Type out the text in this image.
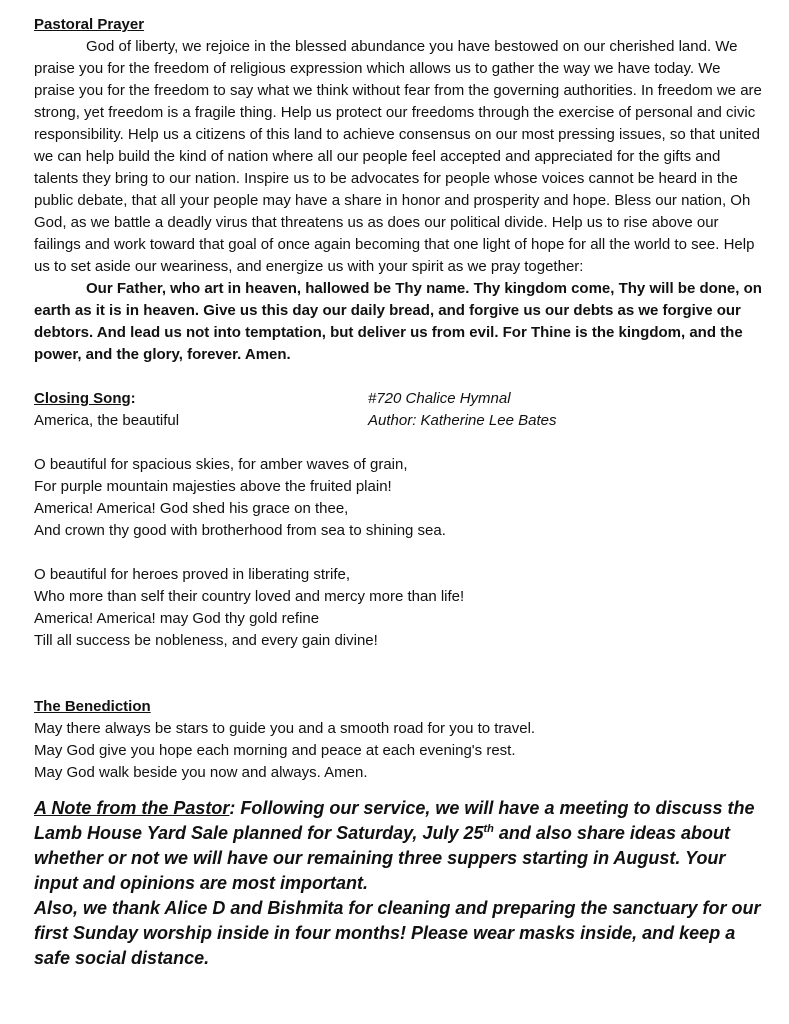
Pastoral Prayer

God of liberty, we rejoice in the blessed abundance you have bestowed on our cherished land. We praise you for the freedom of religious expression which allows us to gather the way we have today. We praise you for the freedom to say what we think without fear from the governing authorities. In freedom we are strong, yet freedom is a fragile thing. Help us protect our freedoms through the exercise of personal and civic responsibility. Help us a citizens of this land to achieve consensus on our most pressing issues, so that united we can help build the kind of nation where all our people feel accepted and appreciated for the gifts and talents they bring to our nation. Inspire us to be advocates for people whose voices cannot be heard in the public debate, that all your people may have a share in honor and prosperity and hope. Bless our nation, Oh God, as we battle a deadly virus that threatens us as does our political divide. Help us to rise above our failings and work toward that goal of once again becoming that one light of hope for all the world to see. Help us to set aside our weariness, and energize us with your spirit as we pray together:

Our Father, who art in heaven, hallowed be Thy name. Thy kingdom come, Thy will be done, on earth as it is in heaven. Give us this day our daily bread, and forgive us our debts as we forgive our debtors. And lead us not into temptation, but deliver us from evil. For Thine is the kingdom, and the power, and the glory, forever. Amen.

Closing Song:	#720 Chalice Hymnal
America, the beautiful	Author: Katherine Lee Bates
O beautiful for spacious skies, for amber waves of grain,
For purple mountain majesties above the fruited plain!
America! America! God shed his grace on thee,
And crown thy good with brotherhood from sea to shining sea.
O beautiful for heroes proved in liberating strife,
Who more than self their country loved and mercy more than life!
America! America! may God thy gold refine
Till all success be nobleness, and every gain divine!

The Benediction

May there always be stars to guide you and a smooth road for you to travel.
May God give you hope each morning and peace at each evening's rest.
May God walk beside you now and always. Amen.

A Note from the Pastor: Following our service, we will have a meeting to discuss the Lamb House Yard Sale planned for Saturday, July 25th and also share ideas about whether or not we will have our remaining three suppers starting in August. Your input and opinions are most important.

Also, we thank Alice D and Bishmita for cleaning and preparing the sanctuary for our first Sunday worship inside in four months! Please wear masks inside, and keep a safe social distance.
